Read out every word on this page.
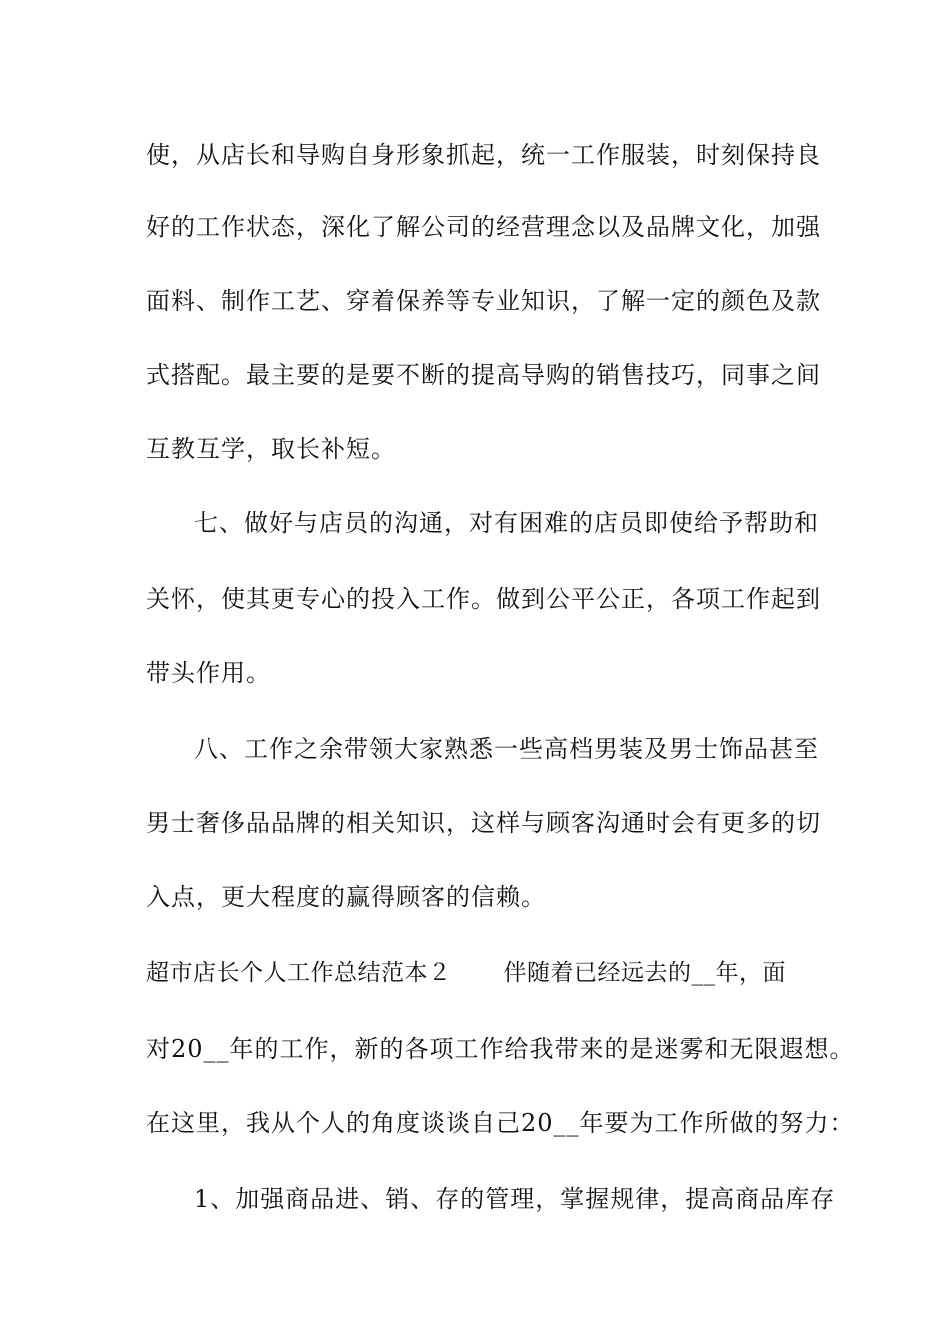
使，从店长和导购自身形象抓起，统一工作服装，时刻保持良
好的工作状态，深化了解公司的经营理念以及品牌文化，加强
面料、制作工艺、穿着保养等专业知识，了解一定的颜色及款
式搭配。最主要的是要不断的提高导购的销售技巧，同事之间
互教互学，取长补短。
七、做好与店员的沟通，对有困难的店员即使给予帮助和
关怀，使其更专心的投入工作。做到公平公正，各项工作起到
带头作用。
八、工作之余带领大家熟悉一些高档男装及男士饰品甚至
男士奢侈品品牌的相关知识，这样与顾客沟通时会有更多的切
入点，更大程度的赢得顾客的信赖。
超市店长个人工作总结范本２ 伴随着已经远去的__年，面
对20__年的工作，新的各项工作给我带来的是迷雾和无限遐想。
在这里，我从个人的角度谈谈自己20__年要为工作所做的努力：
1、加强商品进、销、存的管理，掌握规律，提高商品库存
